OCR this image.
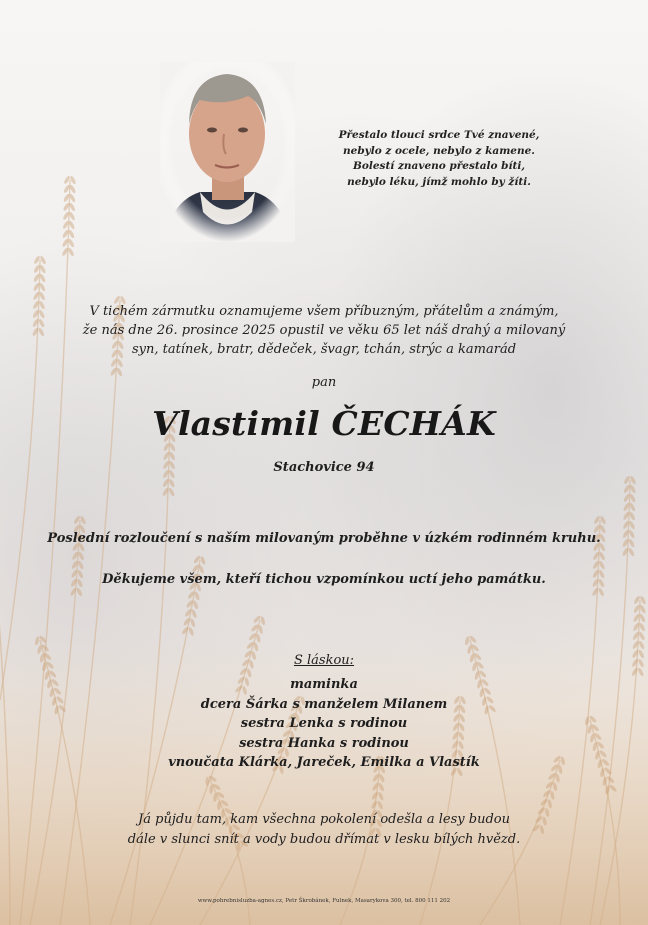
Přestalo tlouci srdce Tvé znavené,
nebylo z ocele, nebylo z kamene.
Bolestí znaveno přestalo bíti,
nebylo léku, jímž mohlo by žíti.
V tichém zármutku oznamujeme všem příbuzným, přátelům a známým,
že nás dne 26. prosince 2025 opustil ve věku 65 let náš drahý a milovaný
syn, tatínek, bratr, dědeček, švagr, tchán, strýc a kamarád
pan
Vlastimil ČECHÁK
Stachovice 94
Poslední rozloučení s naším milovaným proběhne v úzkém rodinném kruhu.
Děkujeme všem, kteří tichou vzpomínkou uctí jeho památku.
S láskou:
maminka
dcera Šárka s manželem Milanem
sestra Lenka s rodinou
sestra Hanka s rodinou
vnoučata Klárka, Jareček, Emilka a Vlastík
Já půjdu tam, kam všechna pokolení odešla a lesy budou
dále v slunci snít a vody budou dřímat v lesku bílých hvězd.
www.pohrebnisluzba-agnes.cz, Petr Škrobánek, Fulnek, Masarykova 300, tel. 800 111 202
